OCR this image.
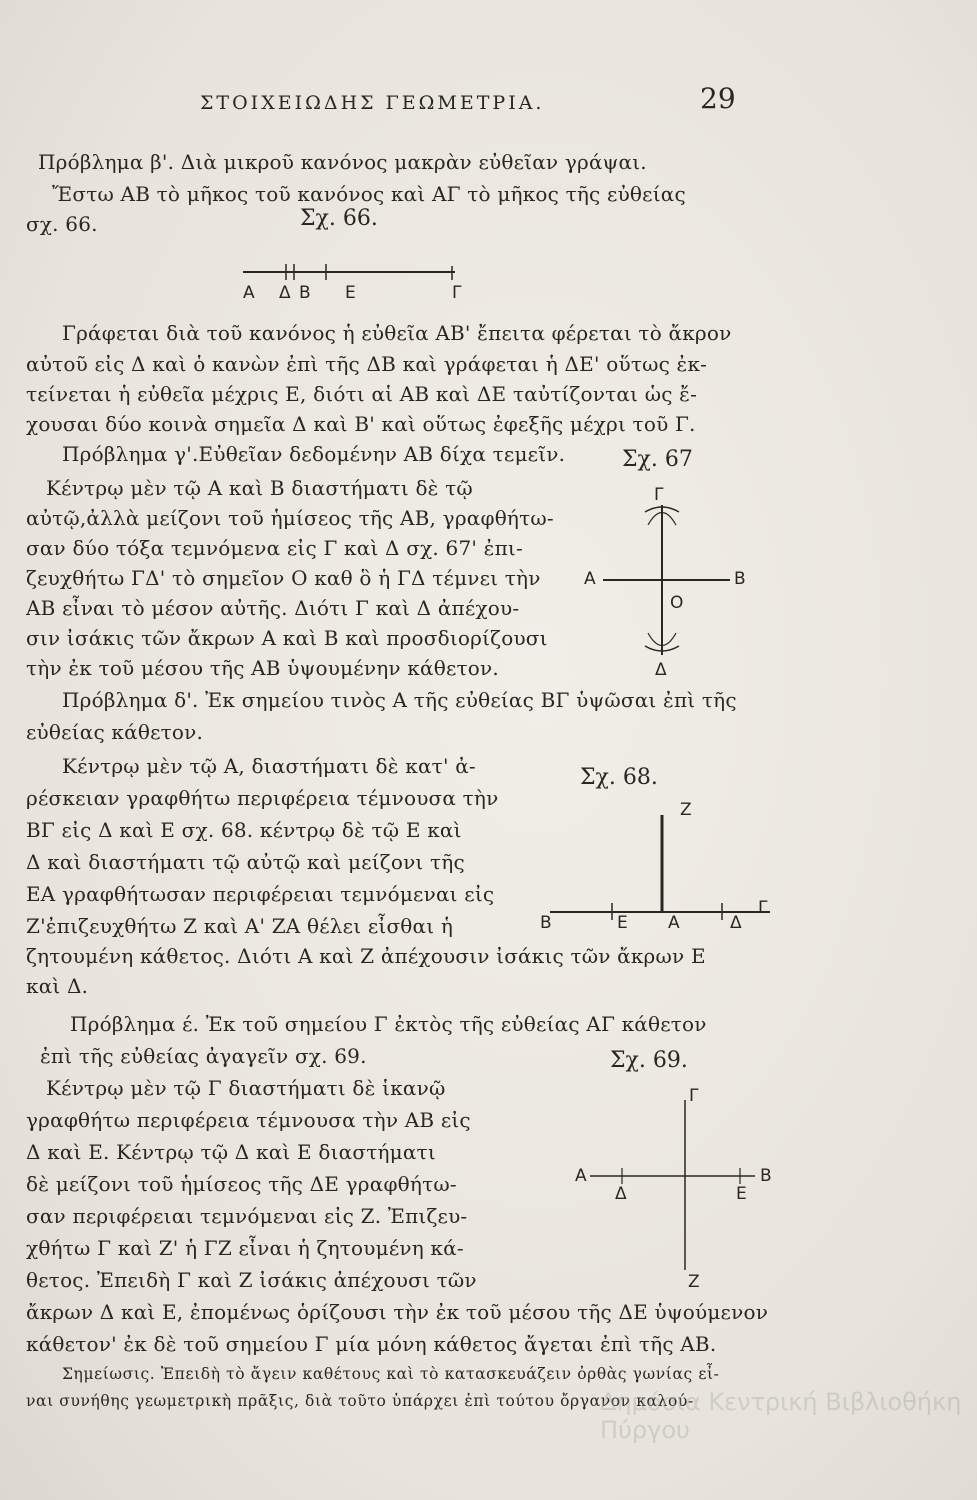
ΣΤΟΙΧΕΙΩΔΗΣ ΓΕΩΜΕΤΡΙΑ.	29
Πρόβλημα β'. Διὰ μικροῦ κανόνος μακρὰν εὐθεῖαν γράψαι.
Ἔστω ΑΒ τὸ μῆκος τοῦ κανόνος καὶ ΑΓ τὸ μῆκος τῆς εὐθείας
σχ. 66.	Σχ. 66.
Α Δ Β Ε	Γ
Γράφεται διὰ τοῦ κανόνος ἡ εὐθεῖα ΑΒ' ἔπειτα φέρεται τὸ ἄκρον
αὐτοῦ εἰς Δ καὶ ὁ κανὼν ἐπὶ τῆς ΔΒ καὶ γράφεται ἡ ΔΕ' οὕτως ἐκ-
τείνεται ἡ εὐθεῖα μέχρις Ε, διότι αἱ ΑΒ καὶ ΔΕ ταὐτίζονται ὡς ἔ-
χουσαι δύο κοινὰ σημεῖα Δ καὶ Β' καὶ οὕτως ἐφεξῆς μέχρι τοῦ Γ.
Πρόβλημα γ'.Εὐθεῖαν δεδομένην ΑΒ δίχα τεμεῖν.	Σχ. 67
Γ
Α	Β
Ο
Δ
Κέντρῳ μὲν τῷ Α καὶ Β διαστήματι δὲ τῷ
αὐτῷ,ἀλλὰ μείζονι τοῦ ἡμίσεος τῆς ΑΒ, γραφθήτω-
σαν δύο τόξα τεμνόμενα εἰς Γ καὶ Δ σχ. 67' ἐπι-
ζευχθήτω ΓΔ' τὸ σημεῖον Ο καθ ὃ ἡ ΓΔ τέμνει τὴν
ΑΒ εἶναι τὸ μέσον αὐτῆς. Διότι Γ καὶ Δ ἀπέχου-
σιν ἰσάκις τῶν ἄκρων Α καὶ Β καὶ προσδιορίζουσι
τὴν ἐκ τοῦ μέσου τῆς ΑΒ ὑψουμένην κάθετον.
Πρόβλημα δ'. Ἐκ σημείου τινὸς Α τῆς εὐθείας ΒΓ ὑψῶσαι ἐπὶ τῆς
εὐθείας κάθετον.
Κέντρῳ μὲν τῷ Α, διαστήματι δὲ κατ' ἀ-
ρέσκειαν γραφθήτω περιφέρεια τέμνουσα τὴν
ΒΓ εἰς Δ καὶ Ε σχ. 68. κέντρῳ δὲ τῷ Ε καὶ
Δ καὶ διαστήματι τῷ αὐτῷ καὶ μείζονι τῆς
ΕΑ γραφθήτωσαν περιφέρειαι τεμνόμεναι εἰς
Ζ'ἐπιζευχθήτω Ζ καὶ Α' ΖΑ θέλει εἶσθαι ἡ
Σχ. 68.
Ζ
Β	Ε Α	Δ
Γ
ζητουμένη κάθετος. Διότι Α καὶ Ζ ἀπέχουσιν ἰσάκις τῶν ἄκρων Ε
καὶ Δ.
Πρόβλημα έ. Ἐκ τοῦ σημείου Γ ἐκτὸς τῆς εὐθείας ΑΓ κάθετον
ἐπὶ τῆς εὐθείας ἀγαγεῖν σχ. 69.	Σχ. 69.
Γ
Α
Δ	Ε
Β
Ζ
Κέντρῳ μὲν τῷ Γ διαστήματι δὲ ἱκανῷ
γραφθήτω περιφέρεια τέμνουσα τὴν ΑΒ εἰς
Δ καὶ Ε. Κέντρῳ τῷ Δ καὶ Ε διαστήματι
δὲ μείζονι τοῦ ἡμίσεος τῆς ΔΕ γραφθήτω-
σαν περιφέρειαι τεμνόμεναι εἰς Ζ. Ἐπιζευ-
χθήτω Γ καὶ Ζ' ἡ ΓΖ εἶναι ἡ ζητουμένη κά-
θετος. Ἐπειδὴ Γ καὶ Ζ ἰσάκις ἀπέχουσι τῶν
ἄκρων Δ καὶ Ε, ἐπομένως ὁρίζουσι τὴν ἐκ τοῦ μέσου τῆς ΔΕ ὑψούμενον
κάθετον' ἐκ δὲ τοῦ σημείου Γ μία μόνη κάθετος ἄγεται ἐπὶ τῆς ΑΒ.
Σημείωσις. Ἐπειδὴ τὸ ἄγειν καθέτους καὶ τὸ κατασκευάζειν ὀρθὰς γωνίας εἶ-
ναι συνήθης γεωμετρικὴ πρᾶξις, διὰ τοῦτο ὑπάρχει ἐπὶ τούτου ὄργανον καλού-
Δημόσια Κεντρική Βιβλιοθήκη Πύργου
